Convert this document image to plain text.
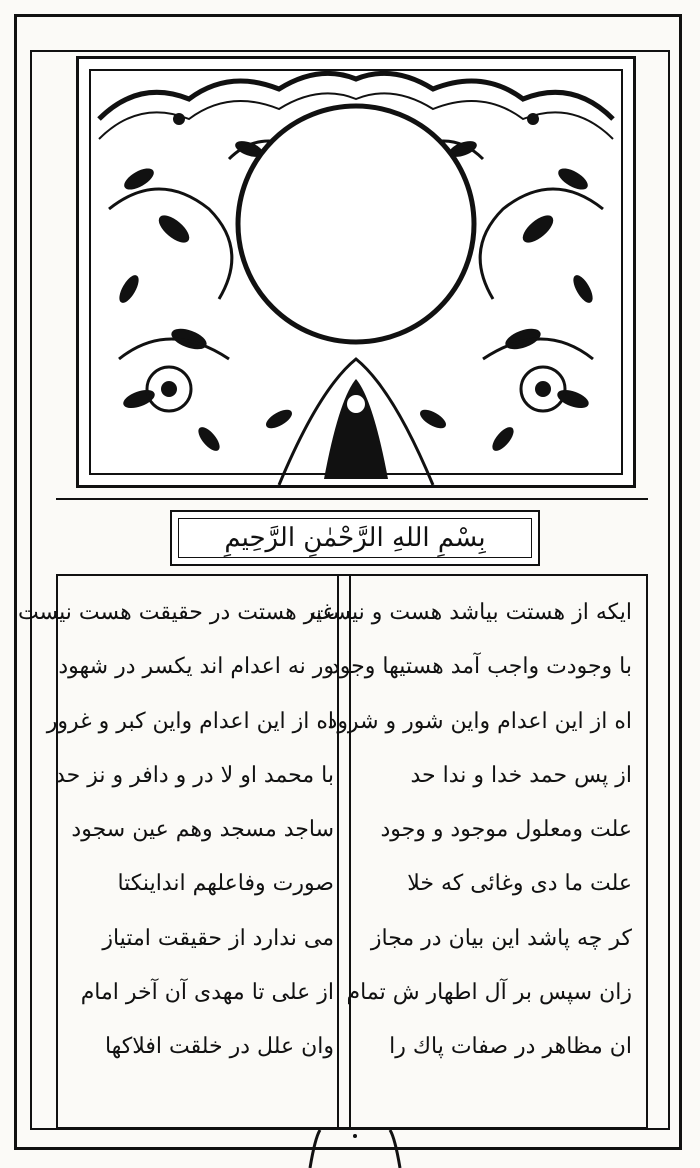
بِسْمِ اللهِ الرَّحْمٰنِ الرَّحِيمِ
ایکه از هستت بیاشد هست و نیست
با وجودت واجب آمد هستیها وجود
اه از این اعدام واین شور و شرود
از پس حمد خدا و ندا حد
علت ومعلول موجود و وجود
علت ما دی وغائی که خلا
کر چه پاشد این بیان در مجاز
زان سپس بر آل اطهار ش تمام
ان مظاهر در صفات پاك را
غیر هستت در حقیقت هست نیست
ور نه اعدام اند یکسر در شهود
اه از این اعدام واین کبر و غرور
با محمد او لا در و دافر و نز حد
ساجد مسجد وهم عین سجود
صورت وفاعلهم انداینکتا
می ندارد از حقیقت امتیاز
از علی تا مهدی آن آخر امام
وان علل در خلقت افلاکها
